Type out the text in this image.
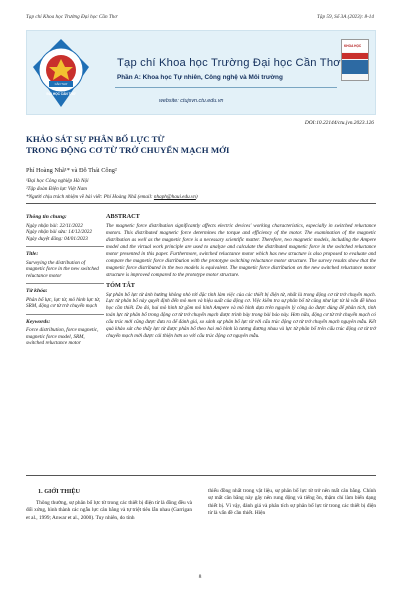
Tạp chí Khoa học Trường Đại học Cần Thơ	Tập 59, Số 3A (2023): 8-14
CẦN THƠ
ĐẠI HỌC CẦN THƠ
Tạp chí Khoa học Trường Đại học Cần Thơ
Phần A: Khoa học Tự nhiên, Công nghệ và Môi trường
website: ctujsvn.ctu.edu.vn
KHOA HỌC
DOI:10.22144/ctu.jvn.2023.126
KHẢO SÁT SỰ PHÂN BỐ LỰC TỪ
TRONG ĐỘNG CƠ TỪ TRỞ CHUYỂN MẠCH MỚI
Phí Hoàng Nhã¹* và Đỗ Thái Công²
¹Đại học Công nghiệp Hà Nội
²Tập đoàn Điện lực Việt Nam
*Người chịu trách nhiệm về bài viết: Phí Hoàng Nhã (email: nhaph@haui.edu.vn)
Thông tin chung:
Ngày nhận bài: 22/11/2022
Ngày nhận bài sửa: 14/12/2022
Ngày duyệt đăng: 04/01/2023
Title:
Surveying the distribution of magnetic force in the new switched reluctance motor
Từ khóa:
Phân bố lực, lực từ, mô hình lực từ, SRM, động cơ từ trở chuyển mạch
Keywords:
Force distribution, force magnetic, magnetic force model, SRM, switched reluctance motor
ABSTRACT
The magnetic force distribution significantly affects electric devices' working characteristics, especially in switched reluctance motors. This distributed magnetic force determines the torque and efficiency of the motor. The examination of the magnetic distribution as well as the magnetic force is a necessary scientific matter. Therefore, two magnetic models, including the Ampere model and the virtual work principle are used to analyze and calculate the distributed magnetic force in the switched reluctance motor presented in this paper. Furthermore, switched reluctance motor which has new structure is also proposed to evaluate and compare the magnetic force distribution with the prototype switching reluctance motor structure. The survey results show that the magnetic force distributed in the two models is equivalent. The magnetic force distribution on the new switched reluctance motor structure is improved compared to the prototype motor structure.
TÓM TẮT
Sự phân bố lực từ ảnh hưởng không nhỏ tới đặc tính làm việc của các thiết bị điện từ, nhất là trong động cơ từ trở chuyển mạch. Lực từ phân bố này quyết định đến mô men và hiệu suất của động cơ. Việc kiểm tra sự phân bố từ cũng như lực từ là vấn đề khoa học cần thiết. Do đó, hai mô hình từ gồm mô hình Ampere và mô hình dựa trên nguyên lý công ảo được dùng để phân tích, tính toán lực từ phân bố trong động cơ từ trở chuyển mạch được trình bày trong bài báo này. Hơn nữa, động cơ từ trở chuyển mạch có cấu trúc mới cũng được đưa ra để đánh giá, so sánh sự phân bố lực từ với cấu trúc động cơ từ trở chuyển mạch nguyên mẫu. Kết quả khảo sát cho thấy lực từ được phân bố theo hai mô hình là tương đương nhau và lực từ phân bố trên cấu trúc động cơ từ trở chuyển mạch mới được cải thiện hơn so với cấu trúc động cơ nguyên mẫu.
1. GIỚI THIỆU
Thông thường, sự phân bố lực từ trong các thiết bị điện từ là đồng đều và đối xứng, hình thành các ngẫu lực cân bằng và tự triệt tiêu lẫn nhau (Garrigan et al., 1999; Anwar et al., 2000). Tuy nhiên, do tính
thiếu đồng nhất trong vật liệu, sự phân bố lực từ trở nên mất cân bằng. Chính sự mất cân bằng này gây nên rung động và tiếng ồn, thậm chí làm biến dạng thiết bị. Vì vậy, đánh giá và phân tích sự phân bố lực từ trong các thiết bị điện từ là vấn đề cần thiết. Hiện
8
